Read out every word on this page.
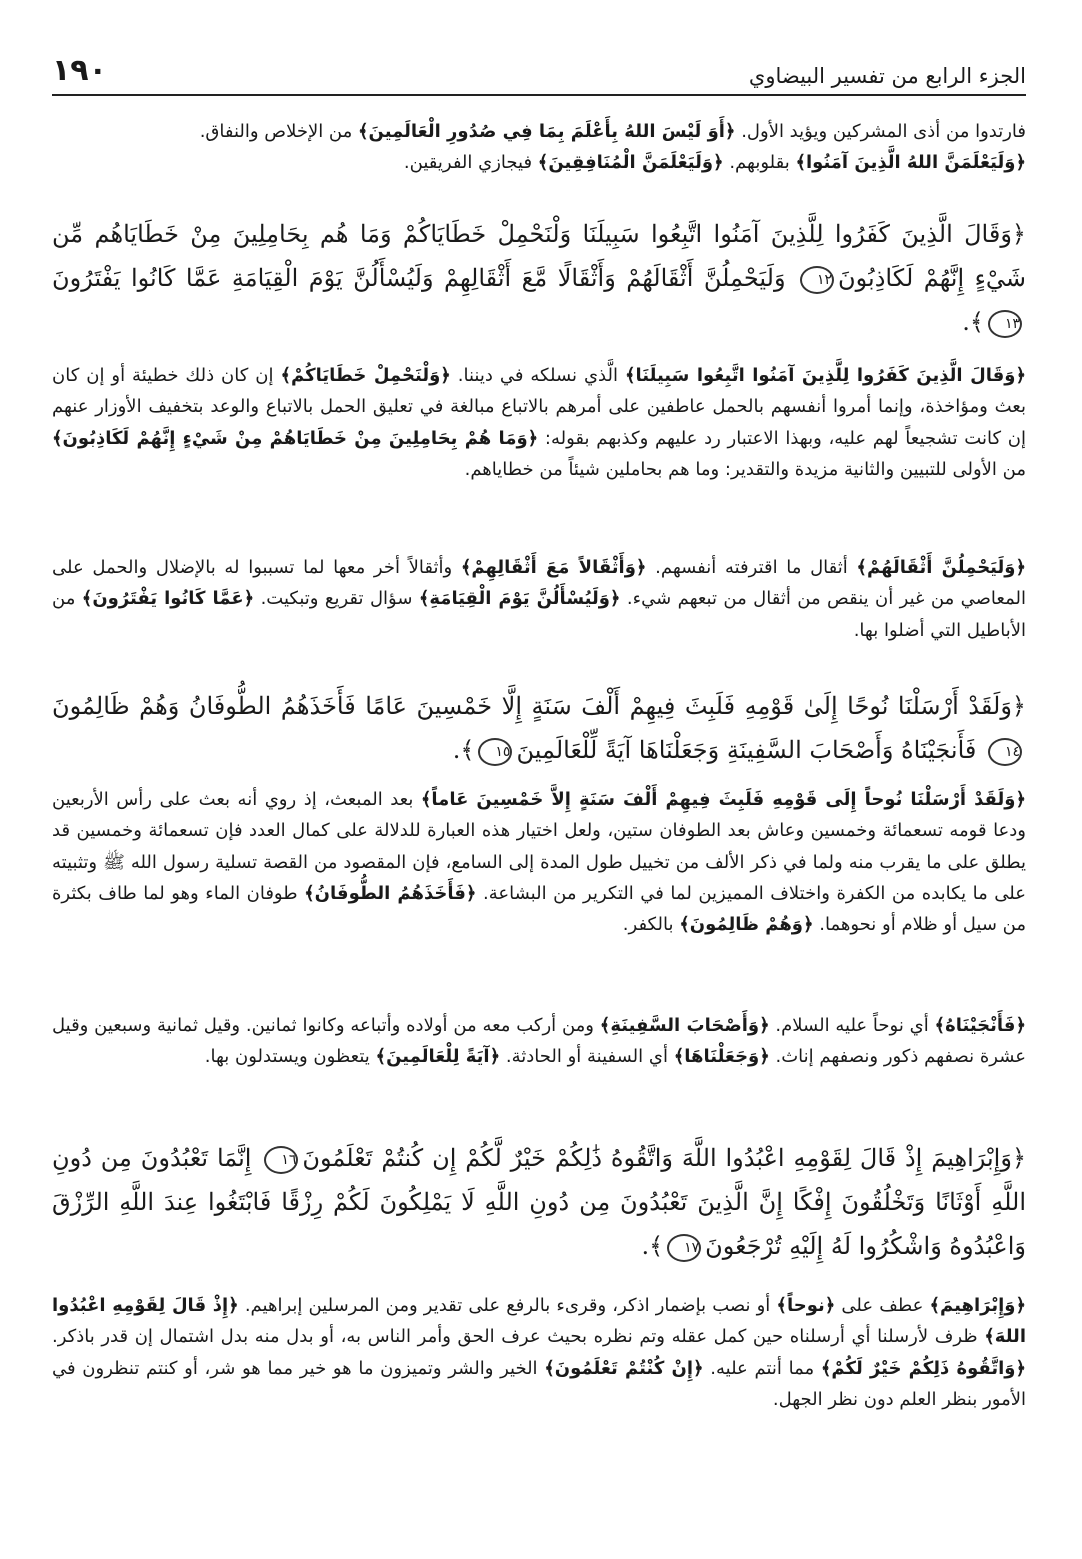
الجزء الرابع من تفسير البيضاوي
١٩٠

فارتدوا من أذى المشركين ويؤيد الأول. ﴿أَوَ لَيْسَ اللهُ بِأَعْلَمَ بِمَا فِي صُدُورِ الْعَالَمِينَ﴾ من الإخلاص والنفاق.
﴿وَلَيَعْلَمَنَّ اللهُ الَّذِينَ آمَنُوا﴾ بقلوبهم. ﴿وَلَيَعْلَمَنَّ الْمُنَافِقِينَ﴾ فيجازي الفريقين.

﴿وَقَالَ الَّذِينَ كَفَرُوا لِلَّذِينَ آمَنُوا اتَّبِعُوا سَبِيلَنَا وَلْنَحْمِلْ خَطَايَاكُمْ وَمَا هُم بِحَامِلِينَ مِنْ خَطَايَاهُم مِّن شَيْءٍ إِنَّهُمْ لَكَاذِبُونَ١٢ وَلَيَحْمِلُنَّ أَثْقَالَهُمْ وَأَثْقَالًا مَّعَ أَثْقَالِهِمْ وَلَيُسْأَلُنَّ يَوْمَ الْقِيَامَةِ عَمَّا كَانُوا يَفْتَرُونَ١٣﴾.

﴿وَقَالَ الَّذِينَ كَفَرُوا لِلَّذِينَ آمَنُوا اتَّبِعُوا سَبِيلَنَا﴾ الَّذي نسلكه في ديننا. ﴿وَلْنَحْمِلْ خَطَايَاكُمْ﴾ إن كان ذلك خطيئة أو إن كان بعث ومؤاخذة، وإنما أمروا أنفسهم بالحمل عاطفين على أمرهم بالاتباع مبالغة في تعليق الحمل بالاتباع والوعد بتخفيف الأوزار عنهم إن كانت تشجيعاً لهم عليه، وبهذا الاعتبار رد عليهم وكذبهم بقوله: ﴿وَمَا هُمْ بِحَامِلِينَ مِنْ خَطَايَاهُمْ مِنْ شَيْءٍ إِنَّهُمْ لَكَاذِبُونَ﴾ من الأولى للتبيين والثانية مزيدة والتقدير: وما هم بحاملين شيئاً من خطاياهم.

﴿وَلَيَحْمِلُنَّ أَثْقَالَهُمْ﴾ أثقال ما اقترفته أنفسهم. ﴿وَأَثْقَالاً مَعَ أَثْقَالِهِمْ﴾ وأثقالاً أخر معها لما تسببوا له بالإضلال والحمل على المعاصي من غير أن ينقص من أثقال من تبعهم شيء. ﴿وَلَيُسْأَلُنَّ يَوْمَ الْقِيَامَةِ﴾ سؤال تقريع وتبكيت. ﴿عَمَّا كَانُوا يَفْتَرُونَ﴾ من الأباطيل التي أضلوا بها.

﴿وَلَقَدْ أَرْسَلْنَا نُوحًا إِلَىٰ قَوْمِهِ فَلَبِثَ فِيهِمْ أَلْفَ سَنَةٍ إِلَّا خَمْسِينَ عَامًا فَأَخَذَهُمُ الطُّوفَانُ وَهُمْ ظَالِمُونَ١٤ فَأَنجَيْنَاهُ وَأَصْحَابَ السَّفِينَةِ وَجَعَلْنَاهَا آيَةً لِّلْعَالَمِينَ١٥﴾.

﴿وَلَقَدْ أَرْسَلْنَا نُوحاً إِلَى قَوْمِهِ فَلَبِثَ فِيهِمْ أَلْفَ سَنَةٍ إِلاَّ خَمْسِينَ عَاماً﴾ بعد المبعث، إذ روي أنه بعث على رأس الأربعين ودعا قومه تسعمائة وخمسين وعاش بعد الطوفان ستين، ولعل اختيار هذه العبارة للدلالة على كمال العدد فإن تسعمائة وخمسين قد يطلق على ما يقرب منه ولما في ذكر الألف من تخييل طول المدة إلى السامع، فإن المقصود من القصة تسلية رسول الله ﷺ وتثبيته على ما يكابده من الكفرة واختلاف المميزين لما في التكرير من البشاعة. ﴿فَأَخَذَهُمُ الطُّوفَانُ﴾ طوفان الماء وهو لما طاف بكثرة من سيل أو ظلام أو نحوهما. ﴿وَهُمْ ظَالِمُونَ﴾ بالكفر.

﴿فَأَنْجَيْنَاهُ﴾ أي نوحاً عليه السلام. ﴿وَأَصْحَابَ السَّفِينَةِ﴾ ومن أركب معه من أولاده وأتباعه وكانوا ثمانين. وقيل ثمانية وسبعين وقيل عشرة نصفهم ذكور ونصفهم إناث. ﴿وَجَعَلْنَاهَا﴾ أي السفينة أو الحادثة. ﴿آيَةً لِلْعَالَمِينَ﴾ يتعظون ويستدلون بها.

﴿وَإِبْرَاهِيمَ إِذْ قَالَ لِقَوْمِهِ اعْبُدُوا اللَّهَ وَاتَّقُوهُ ذَٰلِكُمْ خَيْرٌ لَّكُمْ إِن كُنتُمْ تَعْلَمُونَ١٦ إِنَّمَا تَعْبُدُونَ مِن دُونِ اللَّهِ أَوْثَانًا وَتَخْلُقُونَ إِفْكًا إِنَّ الَّذِينَ تَعْبُدُونَ مِن دُونِ اللَّهِ لَا يَمْلِكُونَ لَكُمْ رِزْقًا فَابْتَغُوا عِندَ اللَّهِ الرِّزْقَ وَاعْبُدُوهُ وَاشْكُرُوا لَهُ إِلَيْهِ تُرْجَعُونَ١٧﴾.

﴿وَإِبْرَاهِيمَ﴾ عطف على ﴿نوحاً﴾ أو نصب بإضمار اذكر، وقرىء بالرفع على تقدير ومن المرسلين إبراهيم. ﴿إِذْ قَالَ لِقَوْمِهِ اعْبُدُوا اللهَ﴾ ظرف لأرسلنا أي أرسلناه حين كمل عقله وتم نظره بحيث عرف الحق وأمر الناس به، أو بدل منه بدل اشتمال إن قدر باذكر. ﴿وَاتَّقُوهُ ذَلِكُمْ خَيْرٌ لَكُمْ﴾ مما أنتم عليه. ﴿إِنْ كُنْتُمْ تَعْلَمُونَ﴾ الخير والشر وتميزون ما هو خير مما هو شر، أو كنتم تنظرون في الأمور بنظر العلم دون نظر الجهل.
